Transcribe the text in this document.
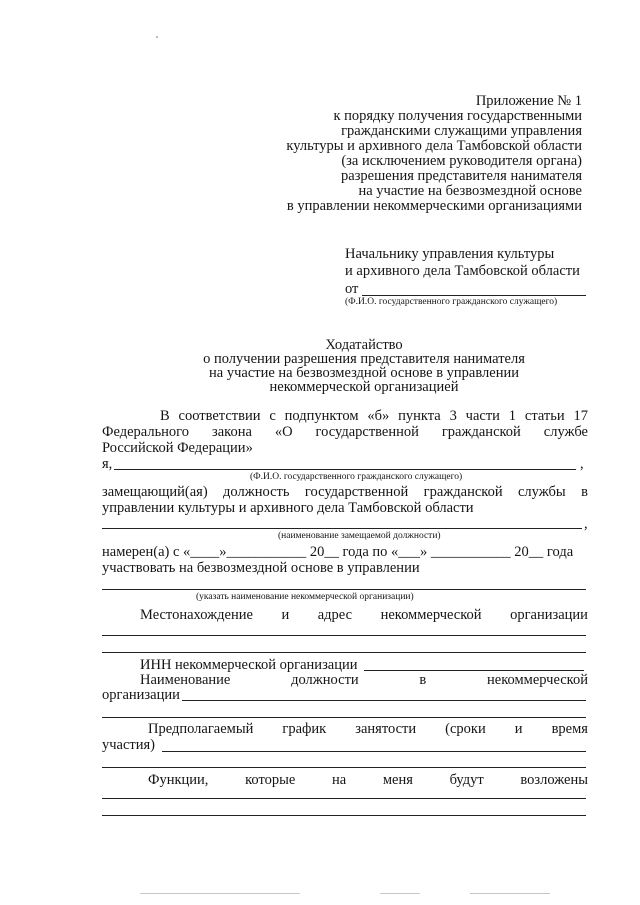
Приложение № 1
к порядку получения государственными
гражданскими служащими управления
культуры и архивного дела Тамбовской области
(за исключением руководителя органа)
разрешения представителя нанимателя
на участие на безвозмездной основе
в управлении некоммерческими организациями
Начальнику управления культуры
и архивного дела Тамбовской области
от
(Ф.И.О. государственного гражданского служащего)
Ходатайство
о получении разрешения представителя нанимателя
на участие на безвозмездной основе в управлении
некоммерческой организацией
В соответствии с подпунктом «б» пункта 3 части 1 статьи 17
Федерального закона «О государственной гражданской службе
Российской Федерации»
я,	,
(Ф.И.О. государственного гражданского служащего)
замещающий(ая) должность государственной гражданской службы в
управлении культуры и архивного дела Тамбовской области
,
(наименование замещаемой должности)
намерен(а) с «____»___________ 20__ года по «___» ___________ 20__ года
участвовать на безвозмездной основе в управлении
(указать наименование некоммерческой организации)
Местонахождение и адрес некоммерческой организации
ИНН некоммерческой организации
Наименование	должности	в	некоммерческой
организации
Предполагаемый график занятости (сроки и время
участия)
Функции,	которые	на	меня	будут	возложены
